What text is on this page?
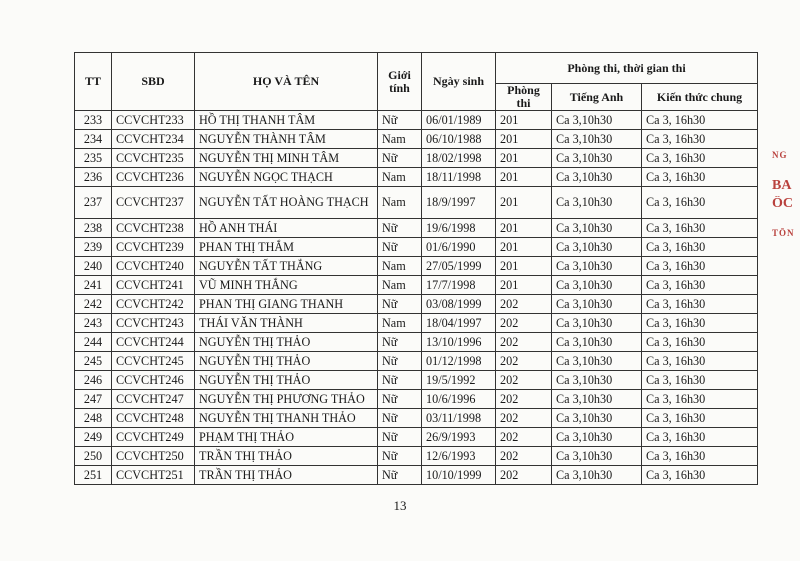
TT	SBD	HỌ VÀ TÊN	Giới tính	Ngày sinh	Phòng thi, thời gian thi		
					Phòng thi	Tiếng Anh	Kiến thức chung
233	CCVCHT233	HỒ THỊ THANH TÂM	Nữ	06/01/1989	201	Ca 3,10h30	Ca 3, 16h30
234	CCVCHT234	NGUYỄN THÀNH TÂM	Nam	06/10/1988	201	Ca 3,10h30	Ca 3, 16h30
235	CCVCHT235	NGUYỄN THỊ MINH TÂM	Nữ	18/02/1998	201	Ca 3,10h30	Ca 3, 16h30
236	CCVCHT236	NGUYỄN NGỌC THẠCH	Nam	18/11/1998	201	Ca 3,10h30	Ca 3, 16h30
237	CCVCHT237	NGUYỄN TẤT HOÀNG THẠCH	Nam	18/9/1997	201	Ca 3,10h30	Ca 3, 16h30
238	CCVCHT238	HỒ ANH THÁI	Nữ	19/6/1998	201	Ca 3,10h30	Ca 3, 16h30
239	CCVCHT239	PHAN THỊ THẮM	Nữ	01/6/1990	201	Ca 3,10h30	Ca 3, 16h30
240	CCVCHT240	NGUYỄN TẤT THẮNG	Nam	27/05/1999	201	Ca 3,10h30	Ca 3, 16h30
241	CCVCHT241	VŨ MINH THẮNG	Nam	17/7/1998	201	Ca 3,10h30	Ca 3, 16h30
242	CCVCHT242	PHAN THỊ GIANG THANH	Nữ	03/08/1999	202	Ca 3,10h30	Ca 3, 16h30
243	CCVCHT243	THÁI VĂN THÀNH	Nam	18/04/1997	202	Ca 3,10h30	Ca 3, 16h30
244	CCVCHT244	NGUYỄN THỊ THẢO	Nữ	13/10/1996	202	Ca 3,10h30	Ca 3, 16h30
245	CCVCHT245	NGUYỄN THỊ THẢO	Nữ	01/12/1998	202	Ca 3,10h30	Ca 3, 16h30
246	CCVCHT246	NGUYỄN THỊ THẢO	Nữ	19/5/1992	202	Ca 3,10h30	Ca 3, 16h30
247	CCVCHT247	NGUYỄN THỊ PHƯƠNG THẢO	Nữ	10/6/1996	202	Ca 3,10h30	Ca 3, 16h30
248	CCVCHT248	NGUYỄN THỊ THANH THẢO	Nữ	03/11/1998	202	Ca 3,10h30	Ca 3, 16h30
249	CCVCHT249	PHẠM THỊ THẢO	Nữ	26/9/1993	202	Ca 3,10h30	Ca 3, 16h30
250	CCVCHT250	TRẦN THỊ THẢO	Nữ	12/6/1993	202	Ca 3,10h30	Ca 3, 16h30
251	CCVCHT251	TRẦN THỊ THẢO	Nữ	10/10/1999	202	Ca 3,10h30	Ca 3, 16h30
13
NG
BA
ỐC
TÔN
